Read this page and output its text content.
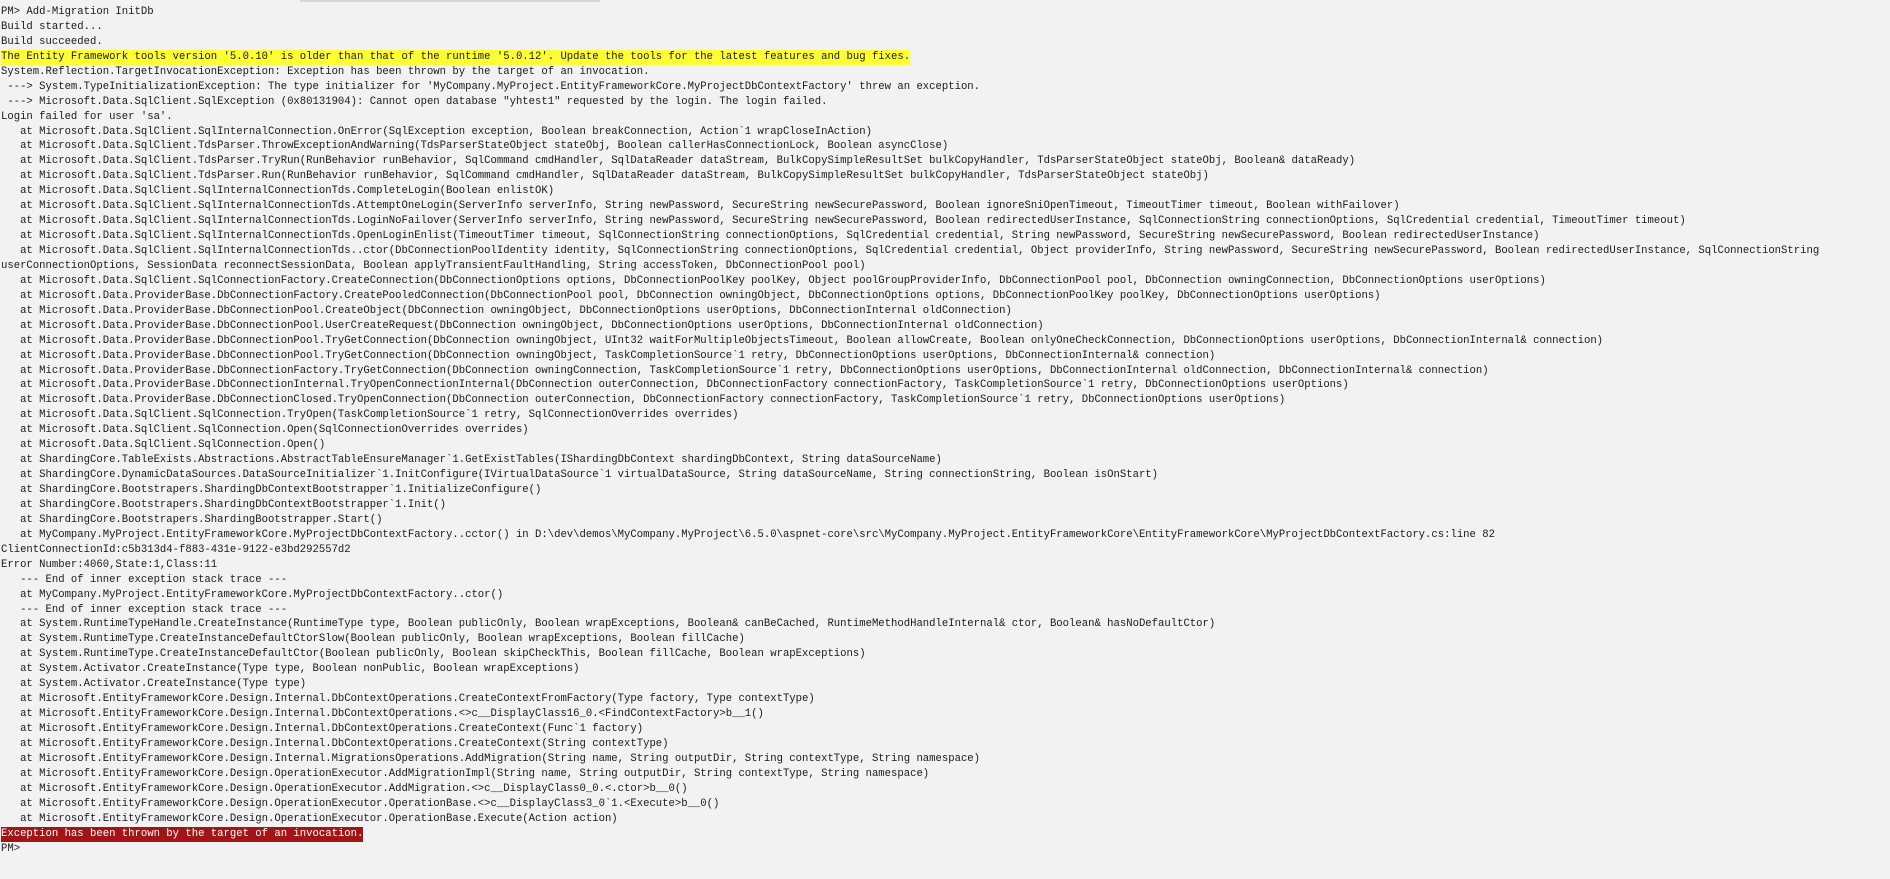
PM> Add-Migration InitDb
Build started...
Build succeeded.
The Entity Framework tools version '5.0.10' is older than that of the runtime '5.0.12'. Update the tools for the latest features and bug fixes.
System.Reflection.TargetInvocationException: Exception has been thrown by the target of an invocation.
---> System.TypeInitializationException: The type initializer for 'MyCompany.MyProject.EntityFrameworkCore.MyProjectDbContextFactory' threw an exception.
---> Microsoft.Data.SqlClient.SqlException (0x80131904): Cannot open database "yhtest1" requested by the login. The login failed.
Login failed for user 'sa'.
at Microsoft.Data.SqlClient.SqlInternalConnection.OnError(SqlException exception, Boolean breakConnection, Action`1 wrapCloseInAction)
at Microsoft.Data.SqlClient.TdsParser.ThrowExceptionAndWarning(TdsParserStateObject stateObj, Boolean callerHasConnectionLock, Boolean asyncClose)
at Microsoft.Data.SqlClient.TdsParser.TryRun(RunBehavior runBehavior, SqlCommand cmdHandler, SqlDataReader dataStream, BulkCopySimpleResultSet bulkCopyHandler, TdsParserStateObject stateObj, Boolean& dataReady)
at Microsoft.Data.SqlClient.TdsParser.Run(RunBehavior runBehavior, SqlCommand cmdHandler, SqlDataReader dataStream, BulkCopySimpleResultSet bulkCopyHandler, TdsParserStateObject stateObj)
at Microsoft.Data.SqlClient.SqlInternalConnectionTds.CompleteLogin(Boolean enlistOK)
at Microsoft.Data.SqlClient.SqlInternalConnectionTds.AttemptOneLogin(ServerInfo serverInfo, String newPassword, SecureString newSecurePassword, Boolean ignoreSniOpenTimeout, TimeoutTimer timeout, Boolean withFailover)
at Microsoft.Data.SqlClient.SqlInternalConnectionTds.LoginNoFailover(ServerInfo serverInfo, String newPassword, SecureString newSecurePassword, Boolean redirectedUserInstance, SqlConnectionString connectionOptions, SqlCredential credential, TimeoutTimer timeout)
at Microsoft.Data.SqlClient.SqlInternalConnectionTds.OpenLoginEnlist(TimeoutTimer timeout, SqlConnectionString connectionOptions, SqlCredential credential, String newPassword, SecureString newSecurePassword, Boolean redirectedUserInstance)
at Microsoft.Data.SqlClient.SqlInternalConnectionTds..ctor(DbConnectionPoolIdentity identity, SqlConnectionString connectionOptions, SqlCredential credential, Object providerInfo, String newPassword, SecureString newSecurePassword, Boolean redirectedUserInstance, SqlConnectionString
userConnectionOptions, SessionData reconnectSessionData, Boolean applyTransientFaultHandling, String accessToken, DbConnectionPool pool)
at Microsoft.Data.SqlClient.SqlConnectionFactory.CreateConnection(DbConnectionOptions options, DbConnectionPoolKey poolKey, Object poolGroupProviderInfo, DbConnectionPool pool, DbConnection owningConnection, DbConnectionOptions userOptions)
at Microsoft.Data.ProviderBase.DbConnectionFactory.CreatePooledConnection(DbConnectionPool pool, DbConnection owningObject, DbConnectionOptions options, DbConnectionPoolKey poolKey, DbConnectionOptions userOptions)
at Microsoft.Data.ProviderBase.DbConnectionPool.CreateObject(DbConnection owningObject, DbConnectionOptions userOptions, DbConnectionInternal oldConnection)
at Microsoft.Data.ProviderBase.DbConnectionPool.UserCreateRequest(DbConnection owningObject, DbConnectionOptions userOptions, DbConnectionInternal oldConnection)
at Microsoft.Data.ProviderBase.DbConnectionPool.TryGetConnection(DbConnection owningObject, UInt32 waitForMultipleObjectsTimeout, Boolean allowCreate, Boolean onlyOneCheckConnection, DbConnectionOptions userOptions, DbConnectionInternal& connection)
at Microsoft.Data.ProviderBase.DbConnectionPool.TryGetConnection(DbConnection owningObject, TaskCompletionSource`1 retry, DbConnectionOptions userOptions, DbConnectionInternal& connection)
at Microsoft.Data.ProviderBase.DbConnectionFactory.TryGetConnection(DbConnection owningConnection, TaskCompletionSource`1 retry, DbConnectionOptions userOptions, DbConnectionInternal oldConnection, DbConnectionInternal& connection)
at Microsoft.Data.ProviderBase.DbConnectionInternal.TryOpenConnectionInternal(DbConnection outerConnection, DbConnectionFactory connectionFactory, TaskCompletionSource`1 retry, DbConnectionOptions userOptions)
at Microsoft.Data.ProviderBase.DbConnectionClosed.TryOpenConnection(DbConnection outerConnection, DbConnectionFactory connectionFactory, TaskCompletionSource`1 retry, DbConnectionOptions userOptions)
at Microsoft.Data.SqlClient.SqlConnection.TryOpen(TaskCompletionSource`1 retry, SqlConnectionOverrides overrides)
at Microsoft.Data.SqlClient.SqlConnection.Open(SqlConnectionOverrides overrides)
at Microsoft.Data.SqlClient.SqlConnection.Open()
at ShardingCore.TableExists.Abstractions.AbstractTableEnsureManager`1.GetExistTables(IShardingDbContext shardingDbContext, String dataSourceName)
at ShardingCore.DynamicDataSources.DataSourceInitializer`1.InitConfigure(IVirtualDataSource`1 virtualDataSource, String dataSourceName, String connectionString, Boolean isOnStart)
at ShardingCore.Bootstrapers.ShardingDbContextBootstrapper`1.InitializeConfigure()
at ShardingCore.Bootstrapers.ShardingDbContextBootstrapper`1.Init()
at ShardingCore.Bootstrapers.ShardingBootstrapper.Start()
at MyCompany.MyProject.EntityFrameworkCore.MyProjectDbContextFactory..cctor() in D:\dev\demos\MyCompany.MyProject\6.5.0\aspnet-core\src\MyCompany.MyProject.EntityFrameworkCore\EntityFrameworkCore\MyProjectDbContextFactory.cs:line 82
ClientConnectionId:c5b313d4-f883-431e-9122-e3bd292557d2
Error Number:4060,State:1,Class:11
--- End of inner exception stack trace ---
at MyCompany.MyProject.EntityFrameworkCore.MyProjectDbContextFactory..ctor()
--- End of inner exception stack trace ---
at System.RuntimeTypeHandle.CreateInstance(RuntimeType type, Boolean publicOnly, Boolean wrapExceptions, Boolean& canBeCached, RuntimeMethodHandleInternal& ctor, Boolean& hasNoDefaultCtor)
at System.RuntimeType.CreateInstanceDefaultCtorSlow(Boolean publicOnly, Boolean wrapExceptions, Boolean fillCache)
at System.RuntimeType.CreateInstanceDefaultCtor(Boolean publicOnly, Boolean skipCheckThis, Boolean fillCache, Boolean wrapExceptions)
at System.Activator.CreateInstance(Type type, Boolean nonPublic, Boolean wrapExceptions)
at System.Activator.CreateInstance(Type type)
at Microsoft.EntityFrameworkCore.Design.Internal.DbContextOperations.CreateContextFromFactory(Type factory, Type contextType)
at Microsoft.EntityFrameworkCore.Design.Internal.DbContextOperations.<>c__DisplayClass16_0.<FindContextFactory>b__1()
at Microsoft.EntityFrameworkCore.Design.Internal.DbContextOperations.CreateContext(Func`1 factory)
at Microsoft.EntityFrameworkCore.Design.Internal.DbContextOperations.CreateContext(String contextType)
at Microsoft.EntityFrameworkCore.Design.Internal.MigrationsOperations.AddMigration(String name, String outputDir, String contextType, String namespace)
at Microsoft.EntityFrameworkCore.Design.OperationExecutor.AddMigrationImpl(String name, String outputDir, String contextType, String namespace)
at Microsoft.EntityFrameworkCore.Design.OperationExecutor.AddMigration.<>c__DisplayClass0_0.<.ctor>b__0()
at Microsoft.EntityFrameworkCore.Design.OperationExecutor.OperationBase.<>c__DisplayClass3_0`1.<Execute>b__0()
at Microsoft.EntityFrameworkCore.Design.OperationExecutor.OperationBase.Execute(Action action)
Exception has been thrown by the target of an invocation.
PM>
